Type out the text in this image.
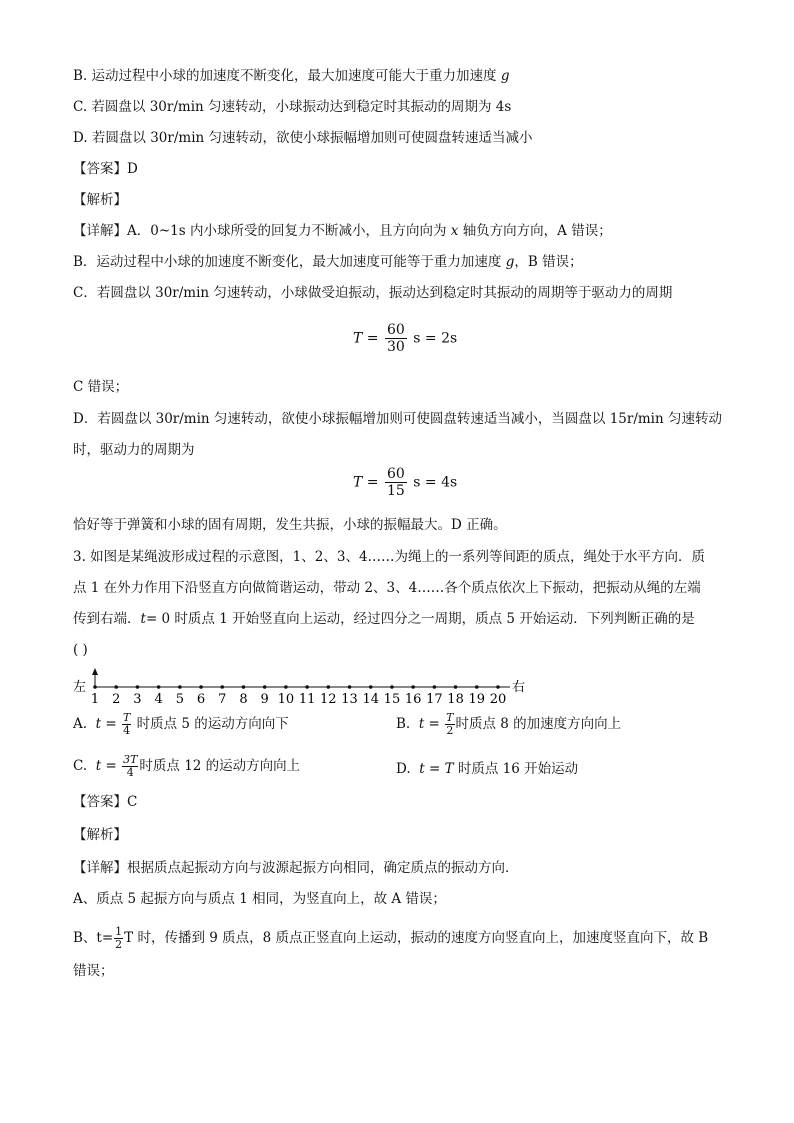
B. 运动过程中小球的加速度不断变化，最大加速度可能大于重力加速度 g
C. 若圆盘以 30r/min 匀速转动，小球振动达到稳定时其振动的周期为 4s
D. 若圆盘以 30r/min 匀速转动，欲使小球振幅增加则可使圆盘转速适当减小
【答案】D
【解析】
【详解】A．0~1s 内小球所受的回复力不断减小，且方向向为 x 轴负方向方向，A 错误；
B．运动过程中小球的加速度不断变化，最大加速度可能等于重力加速度 g，B 错误；
C．若圆盘以 30r/min 匀速转动，小球做受迫振动，振动达到稳定时其振动的周期等于驱动力的周期
$T = \frac{60}{30}$ s = 2s
C 错误；
D．若圆盘以 30r/min 匀速转动，欲使小球振幅增加则可使圆盘转速适当减小，当圆盘以 15r/min 匀速转动
时，驱动力的周期为
$T = \frac{60}{15}$ s = 4s
恰好等于弹簧和小球的固有周期，发生共振，小球的振幅最大。D 正确。
3. 如图是某绳波形成过程的示意图，1、2、3、4……为绳上的一系列等间距的质点，绳处于水平方向．质
点 1 在外力作用下沿竖直方向做简谐运动，带动 2、3、4……各个质点依次上下振动，把振动从绳的左端
传到右端．t= 0 时质点 1 开始竖直向上运动，经过四分之一周期，质点 5 开始运动．下列判断正确的是
( )
左
1 2 3 4 5 6 7 8 9 10 11 12 13 14 15 16 17 18 19 20
右
A. $t = \frac{T}{4}$ 时质点 5 的运动方向向下	B. $t = \frac{T}{2}$ 时质点 8 的加速度方向向上
C. $t = \frac{3T}{4}$ 时质点 12 的运动方向向上	D. t = T 时质点 16 开始运动
【答案】C
【解析】
【详解】根据质点起振动方向与波源起振方向相同，确定质点的振动方向．
A、质点 5 起振方向与质点 1 相同，为竖直向上，故 A 错误；
B、$t= \frac{1}{2}$ T 时，传播到 9 质点，8 质点正竖直向上运动，振动的速度方向竖直向上，加速度竖直向下，故 B
错误；
